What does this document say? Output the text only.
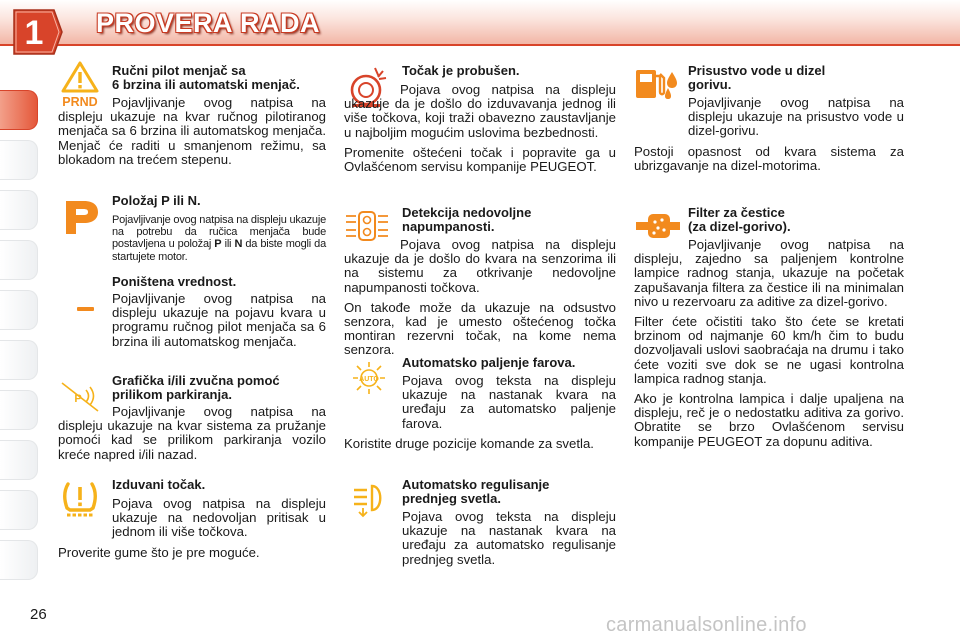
1 PROVERA RADA
PRND
P
AUTO
Ručni pilot menjač sa
6 brzina ili automatski menjač.
Pojavljivanje ovog natpisa na displeju ukazuje na kvar ručnog pilotiranog menjača sa 6 brzina ili automatskog menjača. Menjač će raditi u smanjenom režimu, sa blokadom na trećem stepenu.
Položaj P ili N.
Pojavljivanje ovog natpisa na displeju ukazuje na potrebu da ručica menjača bude postavljena u položaj P ili N da biste mogli da startujete motor.
Poništena vrednost.
Pojavljivanje ovog natpisa na displeju ukazuje na pojavu kvara u programu ručnog pilot menjača sa 6 brzina ili automatskog menjača.
Grafička i/ili zvučna pomoć
prilikom parkiranja.
Pojavljivanje ovog natpisa na displeju ukazuje na kvar sistema za pružanje pomoći kad se prilikom parkiranja vozilo kreće napred i/ili nazad.
Izduvani točak.
Pojava ovog natpisa na displeju ukazuje na nedovoljan pritisak u jednom ili više točkova.
Proverite gume što je pre moguće.
Točak je probušen.
Pojava ovog natpisa na displeju ukazuje da je došlo do izduvavanja jednog ili više točkova, koji traži obavezno zaustavljanje u najboljim mogućim uslovima bezbednosti.
Promenite oštećeni točak i popravite ga u Ovlašćenom servisu kompanije PEUGEOT.
Detekcija nedovoljne
napumpanosti.
Pojava ovog natpisa na displeju ukazuje da je došlo do kvara na senzorima ili na sistemu za otkrivanje nedovoljne napumpanosti točkova.
On takođe može da ukazuje na odsustvo senzora, kad je umesto oštećenog točka montiran rezervni točak, na kome nema senzora.
Automatsko paljenje farova.
Pojava ovog teksta na displeju ukazuje na nastanak kvara na uređaju za automatsko paljenje farova.
Koristite druge pozicije komande za svetla.
Automatsko regulisanje
prednjeg svetla.
Pojava ovog teksta na displeju ukazuje na nastanak kvara na uređaju za automatsko regulisanje prednjeg svetla.
Prisustvo vode u dizel
gorivu.
Pojavljivanje ovog natpisa na displeju ukazuje na prisustvo vode u dizel-gorivu.
Postoji opasnost od kvara sistema za ubrizgavanje na dizel-motorima.
Filter za čestice
(za dizel-gorivo).
Pojavljivanje ovog natpisa na displeju, zajedno sa paljenjem kontrolne lampice radnog stanja, ukazuje na početak zapušavanja filtera za čestice ili na minimalan nivo u rezervoaru za aditive za dizel-gorivo.
Filter ćete očistiti tako što ćete se kretati brzinom od najmanje 60 km/h čim to budu dozvoljavali uslovi saobraćaja na drumu i tako ćete voziti sve dok se ne ugasi kontrolna lampica radnog stanja.
Ako je kontrolna lampica i dalje upaljena na displeju, reč je o nedostatku aditiva za gorivo. Obratite se brzo Ovlašćenom servisu kompanije PEUGEOT za dopunu aditiva.
26	carmanualsonline.info
